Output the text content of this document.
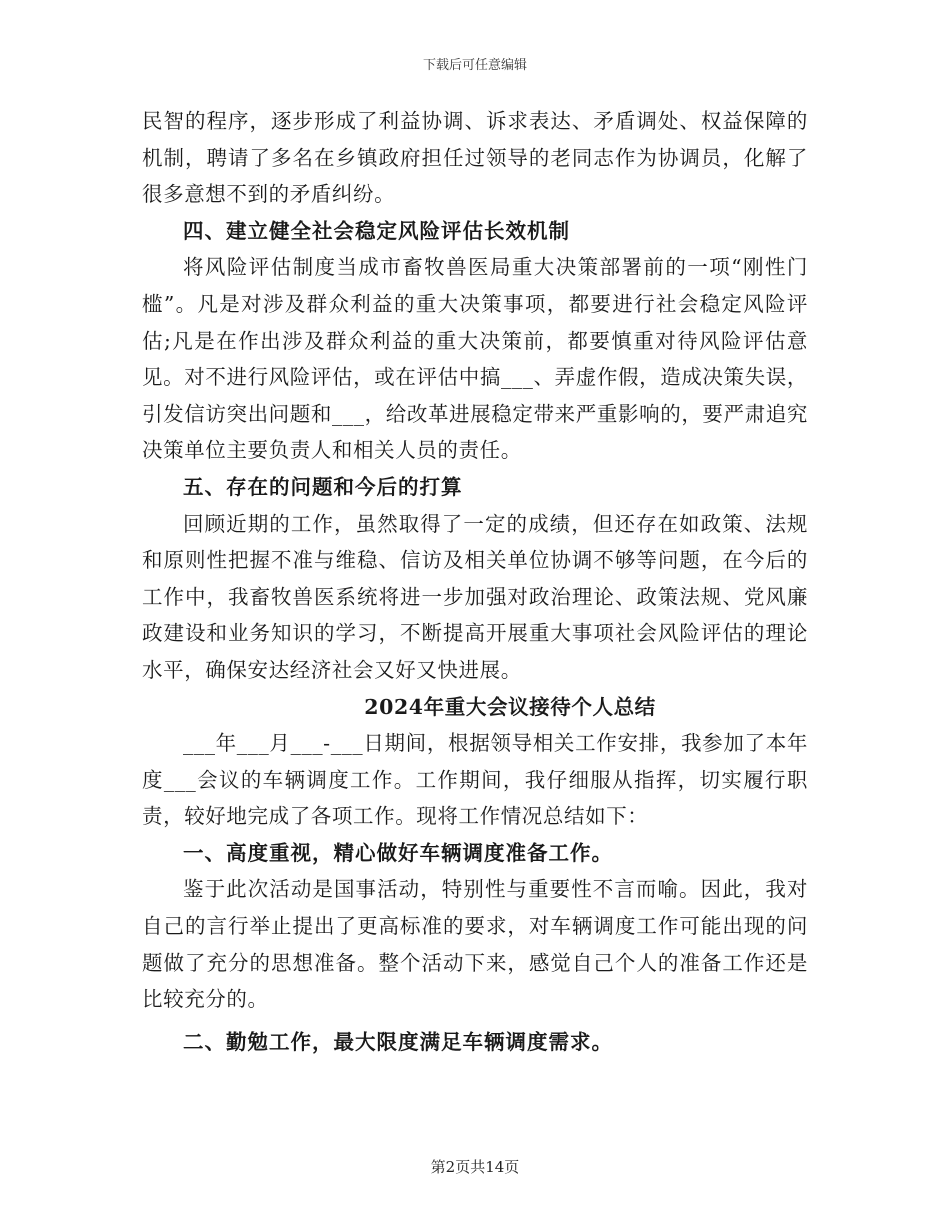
下载后可任意编辑

民智的程序，逐步形成了利益协调、诉求表达、矛盾调处、权益保障的机制，聘请了多名在乡镇政府担任过领导的老同志作为协调员，化解了很多意想不到的矛盾纠纷。

四、建立健全社会稳定风险评估长效机制

将风险评估制度当成市畜牧兽医局重大决策部署前的一项“刚性门槛”。凡是对涉及群众利益的重大决策事项，都要进行社会稳定风险评估;凡是在作出涉及群众利益的重大决策前，都要慎重对待风险评估意见。对不进行风险评估，或在评估中搞___、弄虚作假，造成决策失误，引发信访突出问题和___，给改革进展稳定带来严重影响的，要严肃追究决策单位主要负责人和相关人员的责任。

五、存在的问题和今后的打算

回顾近期的工作，虽然取得了一定的成绩，但还存在如政策、法规和原则性把握不准与维稳、信访及相关单位协调不够等问题，在今后的工作中，我畜牧兽医系统将进一步加强对政治理论、政策法规、党风廉政建设和业务知识的学习，不断提高开展重大事项社会风险评估的理论水平，确保安达经济社会又好又快进展。

2024年重大会议接待个人总结

___年___月___-___日期间，根据领导相关工作安排，我参加了本年度___会议的车辆调度工作。工作期间，我仔细服从指挥，切实履行职责，较好地完成了各项工作。现将工作情况总结如下：

一、高度重视，精心做好车辆调度准备工作。

鉴于此次活动是国事活动，特别性与重要性不言而喻。因此，我对自己的言行举止提出了更高标准的要求，对车辆调度工作可能出现的问题做了充分的思想准备。整个活动下来，感觉自己个人的准备工作还是比较充分的。

二、勤勉工作，最大限度满足车辆调度需求。

第2页共14页
